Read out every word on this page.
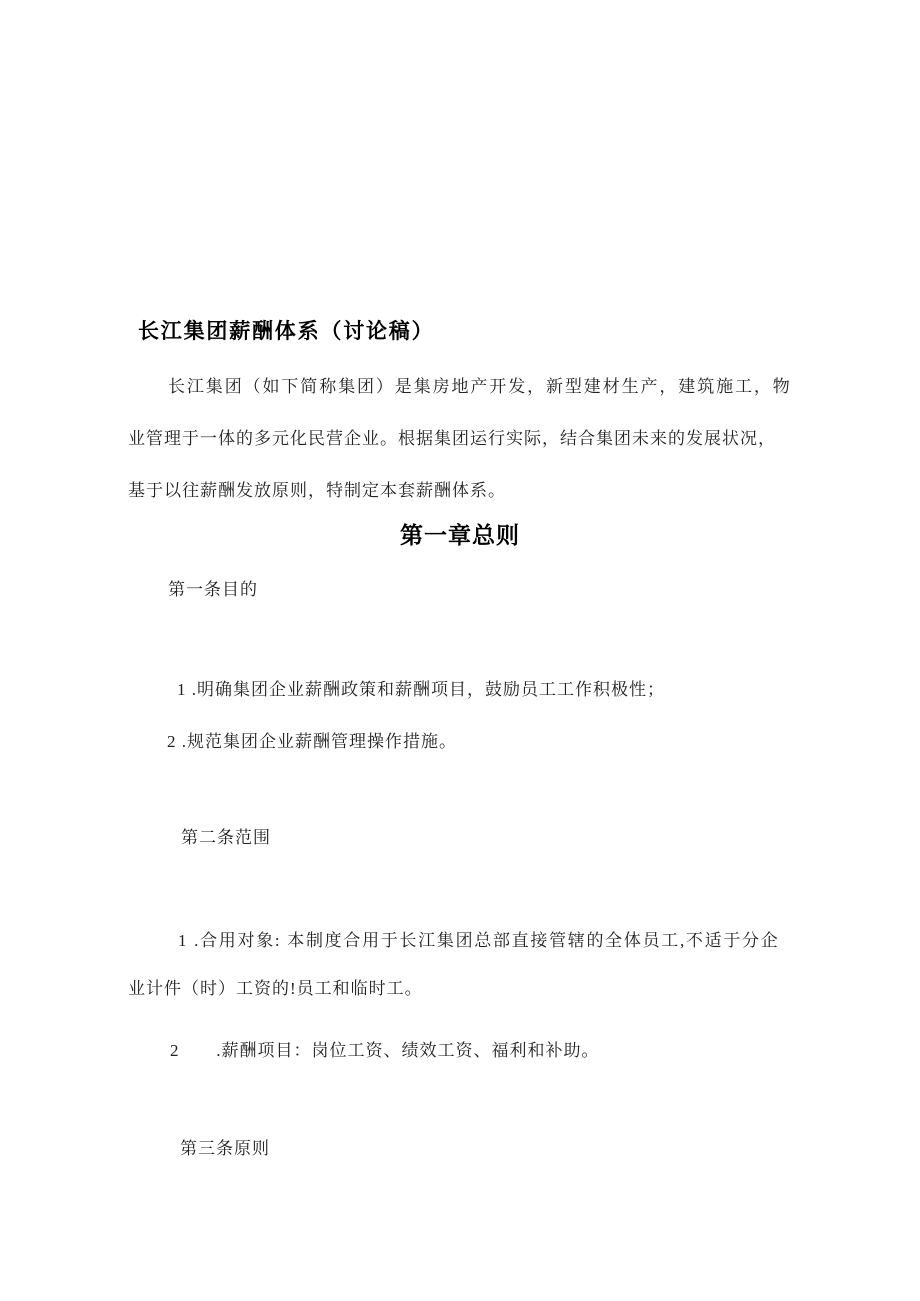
长江集团薪酬体系（讨论稿）
长江集团（如下简称集团）是集房地产开发，新型建材生产，建筑施工，物
业管理于一体的多元化民营企业。根据集团运行实际，结合集团未来的发展状况，
基于以往薪酬发放原则，特制定本套薪酬体系。
第一章总则
第一条目的
1 .明确集团企业薪酬政策和薪酬项目，鼓励员工工作积极性；
2 .规范集团企业薪酬管理操作措施。
第二条范围
1 .合用对象: 本制度合用于长江集团总部直接管辖的全体员工,不适于分企
业计件（时）工资的!员工和临时工。
2       .薪酬项目：岗位工资、绩效工资、福利和补助。
第三条原则
